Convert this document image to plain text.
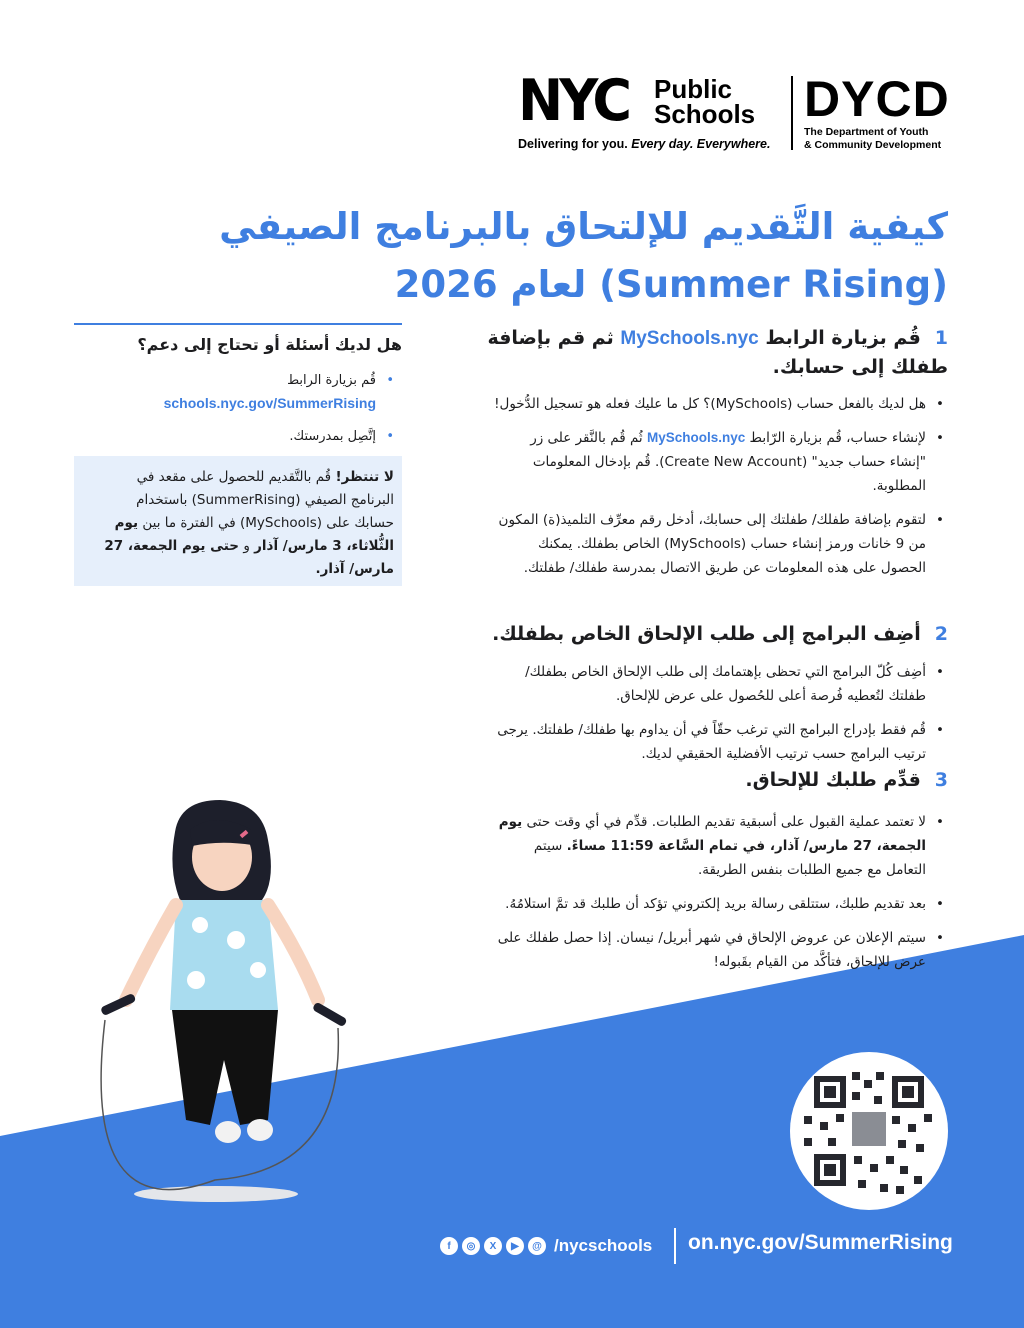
NYC Public
Schools
Delivering for you. Every day. Everywhere.
DYCD
The Department of Youth
& Community Development
كيفية التَّقديم للإلتحاق بالبرنامج الصيفي
(Summer Rising) لعام 2026
هل لديك أسئلة أو تحتاج إلى دعم؟
• قُم بزيارة الرابط
schools.nyc.gov/SummerRising
• إتَّصِل بمدرستك.
لا تنتظر! قُم بالتَّقديم للحصول على مقعد في البرنامج الصيفي (SummerRising) باستخدام حسابك على (MySchools) في الفترة ما بين يوم الثُّلاثاء، 3 مارس/ آذار و حتى يوم الجمعة، 27 مارس/ آذار.
1قُم بزيارة الرابط MySchools.nyc ثم قم بإضافة طفلك إلى حسابك.
• هل لديك بالفعل حساب (MySchools)؟ كل ما عليك فعله هو تسجيل الدُّخول!
• لإنشاء حساب، قُم بزيارة الرّابط MySchools.nyc ثُم قُم بالنَّقر على زر "إنشاء حساب جديد" (Create New Account). قُم بإدخال المعلومات المطلوبة.
• لتقوم بإضافة طفلك/ طفلتك إلى حسابك، أدخل رقم معرِّف التلميذ(ة) المكون من 9 خانات ورمز إنشاء حساب (MySchools) الخاص بطفلك. يمكنك الحصول على هذه المعلومات عن طريق الاتصال بمدرسة طفلك/ طفلتك.
2أضِف البرامج إلى طلب الإلحاق الخاص بطفلك.
• أضِف كُلّ البرامج التي تحظى بإهتمامك إلى طلب الإلحاق الخاص بطفلك/ طفلتك لتُعطيه فُرصة أعلى للحُصول على عرض للإلحاق.
• قُم فقط بإدراج البرامج التي ترغب حقّاً في أن يداوم بها طفلك/ طفلتك. يرجى ترتيب البرامج حسب ترتيب الأفضلية الحقيقي لديك.
3قدِّم طلبك للإلحاق.
• لا تعتمد عملية القبول على أسبقية تقديم الطلبات. قدِّم في أي وقت حتى يوم الجمعة، 27 مارس/ آذار، في تمام السَّاعة 11:59 مساءً. سيتم التعامل مع جميع الطلبات بنفس الطريقة.
• بعد تقديم طلبك، ستتلقى رسالة بريد إلكتروني تؤكد أن طلبك قد تمَّ استلامُهُ.
• سيتم الإعلان عن عروض الإلحاق في شهر أبريل/ نيسان. إذا حصل طفلك على عرض للإلحاق، فتأكَّد من القيام بقَبوله!
f	◎	X	▶	@ /nycschools on.nyc.gov/SummerRising
